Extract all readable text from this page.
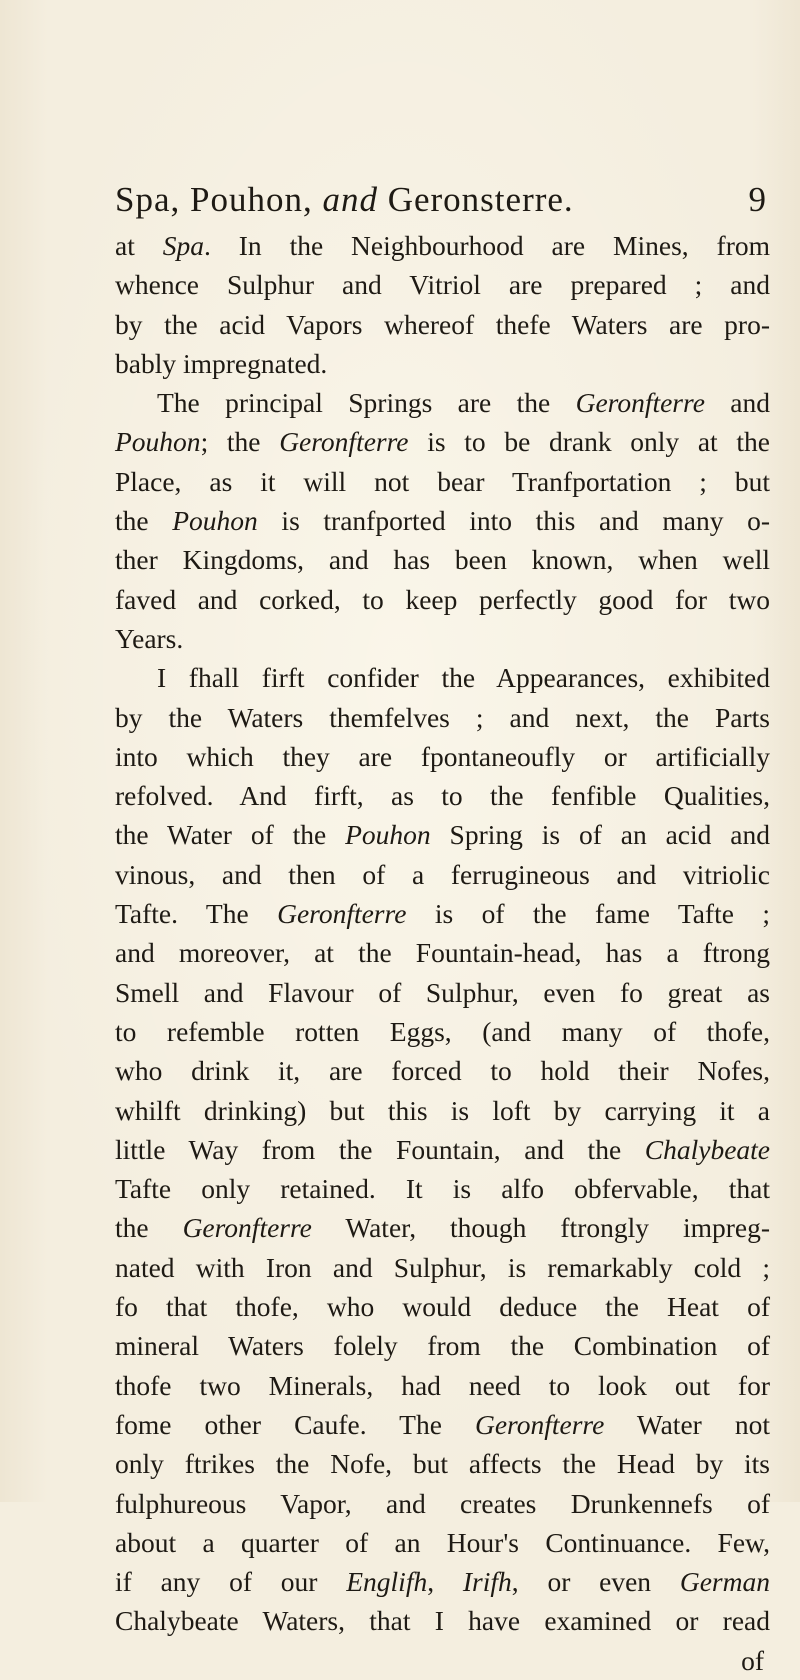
Spa, Pouhon, and Geronsterre.	9
at Spa. In the Neighbourhood are Mines, from
whence Sulphur and Vitriol are prepared ; and
by the acid Vapors whereof thefe Waters are pro-
bably impregnated.
The principal Springs are the Geronfterre and
Pouhon; the Geronfterre is to be drank only at the
Place, as it will not bear Tranfportation ; but
the Pouhon is tranfported into this and many o-
ther Kingdoms, and has been known, when well
faved and corked, to keep perfectly good for two
Years.
I fhall firft confider the Appearances, exhibited
by the Waters themfelves ; and next, the Parts
into which they are fpontaneoufly or artificially
refolved. And firft, as to the fenfible Qualities,
the Water of the Pouhon Spring is of an acid and
vinous, and then of a ferrugineous and vitriolic
Tafte. The Geronfterre is of the fame Tafte ;
and moreover, at the Fountain-head, has a ftrong
Smell and Flavour of Sulphur, even fo great as
to refemble rotten Eggs, (and many of thofe,
who drink it, are forced to hold their Nofes,
whilft drinking) but this is loft by carrying it a
little Way from the Fountain, and the Chalybeate
Tafte only retained. It is alfo obfervable, that
the Geronfterre Water, though ftrongly impreg-
nated with Iron and Sulphur, is remarkably cold ;
fo that thofe, who would deduce the Heat of
mineral Waters folely from the Combination of
thofe two Minerals, had need to look out for
fome other Caufe. The Geronfterre Water not
only ftrikes the Nofe, but affects the Head by its
fulphureous Vapor, and creates Drunkennefs of
about a quarter of an Hour's Continuance. Few,
if any of our Englifh, Irifh, or even German
Chalybeate Waters, that I have examined or read
of
